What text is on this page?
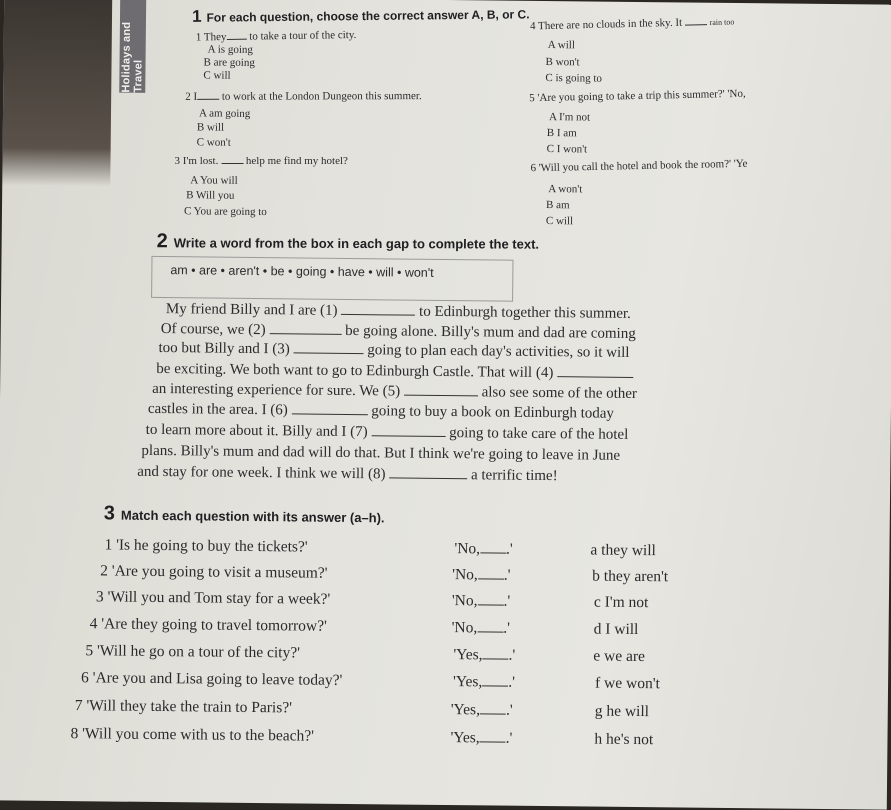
Holidays and Travel
1 For each question, choose the correct answer A, B, or C.
1 They to take a tour of the city.
A is going
B are going
C will
2 I to work at the London Dungeon this summer.
A am going
B will
C won't
3 I'm lost.	help me find my hotel?
A You will
B Will you
C You are going to
4 There are no clouds in the sky. It	rain too
A will
B won't
C is going to
5 'Are you going to take a trip this summer?' 'No,
A I'm not
B I am
C I won't
6 'Will you call the hotel and book the room?' 'Ye
A won't
B am
C will
2 Write a word from the box in each gap to complete the text.
am • are • aren't • be • going • have • will • won't
My friend Billy and I are (1)	to Edinburgh together this summer.
Of course, we (2)	be going alone. Billy's mum and dad are coming
too but Billy and I (3)	going to plan each day's activities, so it will
be exciting. We both want to go to Edinburgh Castle. That will (4)
an interesting experience for sure. We (5)	also see some of the other
castles in the area. I (6)	going to buy a book on Edinburgh today
to learn more about it. Billy and I (7)	going to take care of the hotel
plans. Billy's mum and dad will do that. But I think we're going to leave in June
and stay for one week. I think we will (8)	a terrific time!
3 Match each question with its answer (a–h).
1 'Is he going to buy the tickets?'	'No, .'	a they will
2 'Are you going to visit a museum?'	'No, .'	b they aren't
3 'Will you and Tom stay for a week?'	'No, .'	c I'm not
4 'Are they going to travel tomorrow?'	'No, .'	d I will
5 'Will he go on a tour of the city?'	'Yes, .'	e we are
6 'Are you and Lisa going to leave today?'	'Yes, .'	f we won't
7 'Will they take the train to Paris?'	'Yes, .'	g he will
8 'Will you come with us to the beach?'	'Yes, .'	h he's not
